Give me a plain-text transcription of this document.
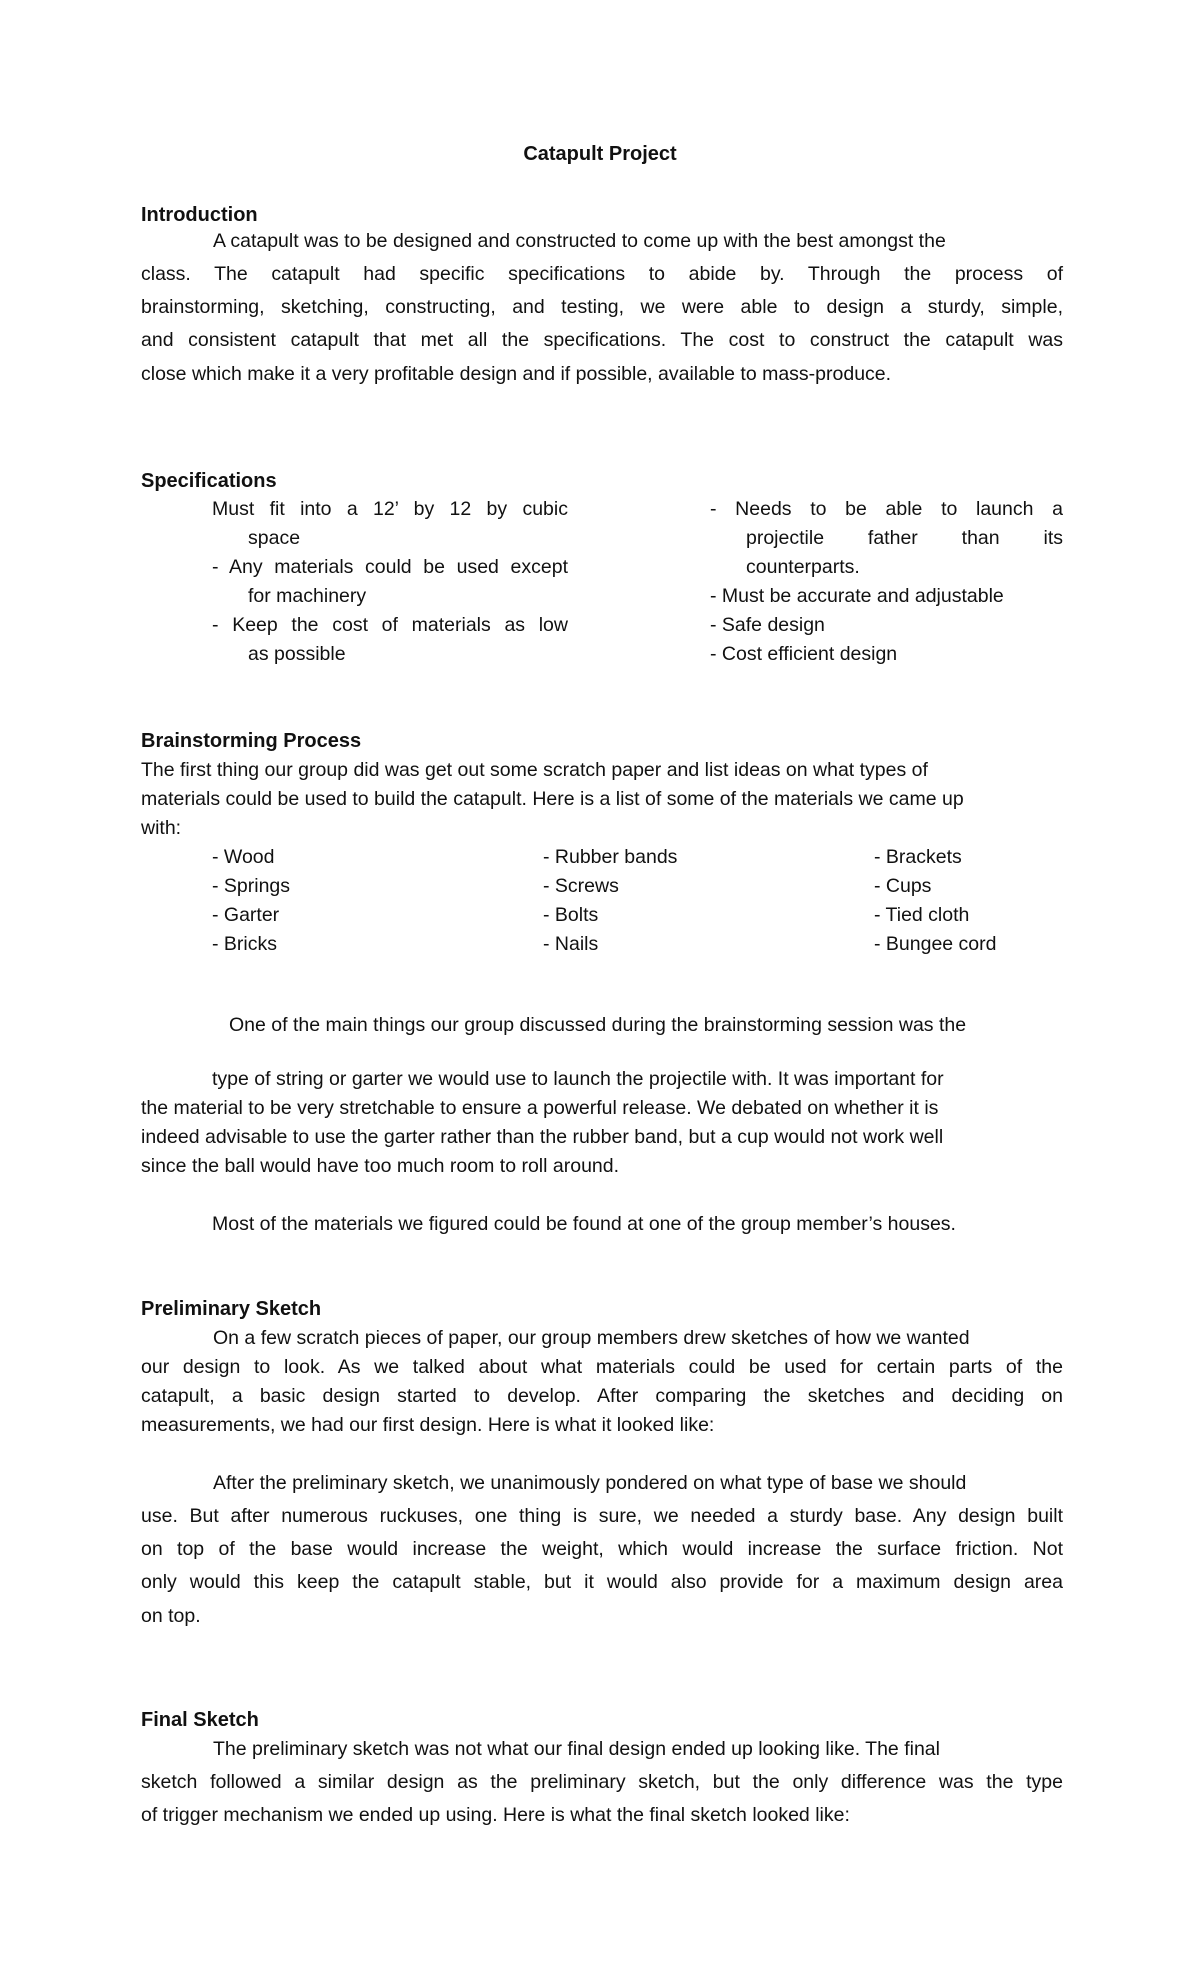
Catapult Project
Introduction
A catapult was to be designed and constructed to come up with the best amongst the
class. The catapult had specific specifications to abide by. Through the process of
brainstorming, sketching, constructing, and testing, we were able to design a sturdy, simple,
and consistent catapult that met all the specifications. The cost to construct the catapult was
close which make it a very profitable design and if possible, available to mass-produce.
Specifications
Must fit into a 12’ by 12 by cubic
space
- Any materials could be used except
for machinery
- Keep the cost of materials as low
as possible
- Needs to be able to launch a
projectile father than its
counterparts.
- Must be accurate and adjustable
- Safe design
- Cost efficient design
Brainstorming Process
The first thing our group did was get out some scratch paper and list ideas on what types of
materials could be used to build the catapult. Here is a list of some of the materials we came up
with:
- Wood
- Springs
- Garter
- Bricks
- Rubber bands
- Screws
- Bolts
- Nails
- Brackets
- Cups
- Tied cloth
- Bungee cord
One of the main things our group discussed during the brainstorming session was the
type of string or garter we would use to launch the projectile with. It was important for
the material to be very stretchable to ensure a powerful release. We debated on whether it is
indeed advisable to use the garter rather than the rubber band, but a cup would not work well
since the ball would have too much room to roll around.
Most of the materials we figured could be found at one of the group member’s houses.
Preliminary Sketch
On a few scratch pieces of paper, our group members drew sketches of how we wanted
our design to look. As we talked about what materials could be used for certain parts of the
catapult, a basic design started to develop. After comparing the sketches and deciding on
measurements, we had our first design. Here is what it looked like:
After the preliminary sketch, we unanimously pondered on what type of base we should
use. But after numerous ruckuses, one thing is sure, we needed a sturdy base. Any design built
on top of the base would increase the weight, which would increase the surface friction. Not
only would this keep the catapult stable, but it would also provide for a maximum design area
on top.
Final Sketch
The preliminary sketch was not what our final design ended up looking like. The final
sketch followed a similar design as the preliminary sketch, but the only difference was the type
of trigger mechanism we ended up using. Here is what the final sketch looked like:
